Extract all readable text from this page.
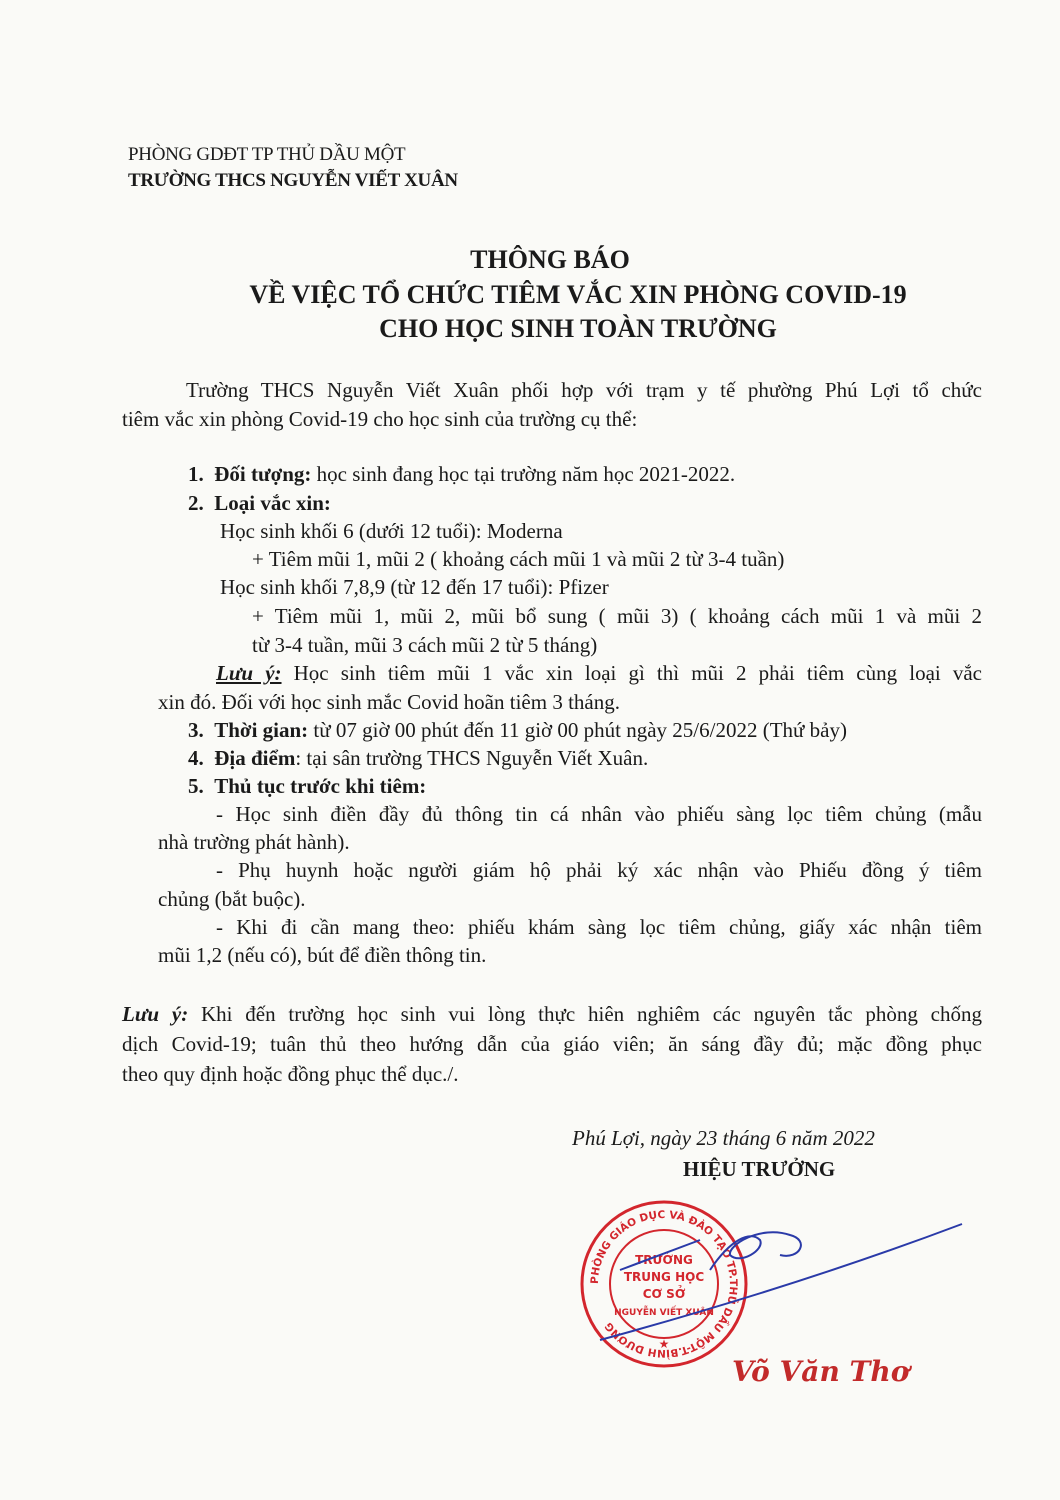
PHÒNG GDĐT TP THỦ DẦU MỘT
TRƯỜNG THCS NGUYỄN VIẾT XUÂN
THÔNG BÁO
VỀ VIỆC TỔ CHỨC TIÊM VẮC XIN PHÒNG COVID-19
CHO HỌC SINH TOÀN TRƯỜNG
Trường THCS Nguyễn Viết Xuân phối hợp với trạm y tế phường Phú Lợi tổ chức
tiêm vắc xin phòng Covid-19 cho học sinh của trường cụ thể:
1. Đối tượng: học sinh đang học tại trường năm học 2021-2022.
2. Loại vắc xin:
Học sinh khối 6 (dưới 12 tuổi): Moderna
+ Tiêm mũi 1, mũi 2 ( khoảng cách mũi 1 và mũi 2 từ 3-4 tuần)
Học sinh khối 7,8,9 (từ 12 đến 17 tuổi): Pfizer
+ Tiêm mũi 1, mũi 2, mũi bổ sung ( mũi 3) ( khoảng cách mũi 1 và mũi 2
từ 3-4 tuần, mũi 3 cách mũi 2 từ 5 tháng)
Lưu ý: Học sinh tiêm mũi 1 vắc xin loại gì thì mũi 2 phải tiêm cùng loại vắc
xin đó. Đối với học sinh mắc Covid hoãn tiêm 3 tháng.
3. Thời gian: từ 07 giờ 00 phút đến 11 giờ 00 phút ngày 25/6/2022 (Thứ bảy)
4. Địa điểm: tại sân trường THCS Nguyễn Viết Xuân.
5. Thủ tục trước khi tiêm:
- Học sinh điền đầy đủ thông tin cá nhân vào phiếu sàng lọc tiêm chủng (mẫu
nhà trường phát hành).
- Phụ huynh hoặc người giám hộ phải ký xác nhận vào Phiếu đồng ý tiêm
chủng (bắt buộc).
- Khi đi cần mang theo: phiếu khám sàng lọc tiêm chủng, giấy xác nhận tiêm
mũi 1,2 (nếu có), bút để điền thông tin.
Lưu ý: Khi đến trường học sinh vui lòng thực hiên nghiêm các nguyên tắc phòng chống
dịch Covid-19; tuân thủ theo hướng dẫn của giáo viên; ăn sáng đầy đủ; mặc đồng phục
theo quy định hoặc đồng phục thể dục./.
Phú Lợi, ngày 23 tháng 6 năm 2022
HIỆU TRƯỞNG
PHÒNG GIÁO DỤC VÀ ĐÀO TẠO TP.THỦ DẦU MỘT-T.BÌNH DƯƠNG
TRƯỜNG
TRUNG HỌC
CƠ SỞ
NGUYỄN VIẾT XUÂN
★
Võ Văn Thơ
